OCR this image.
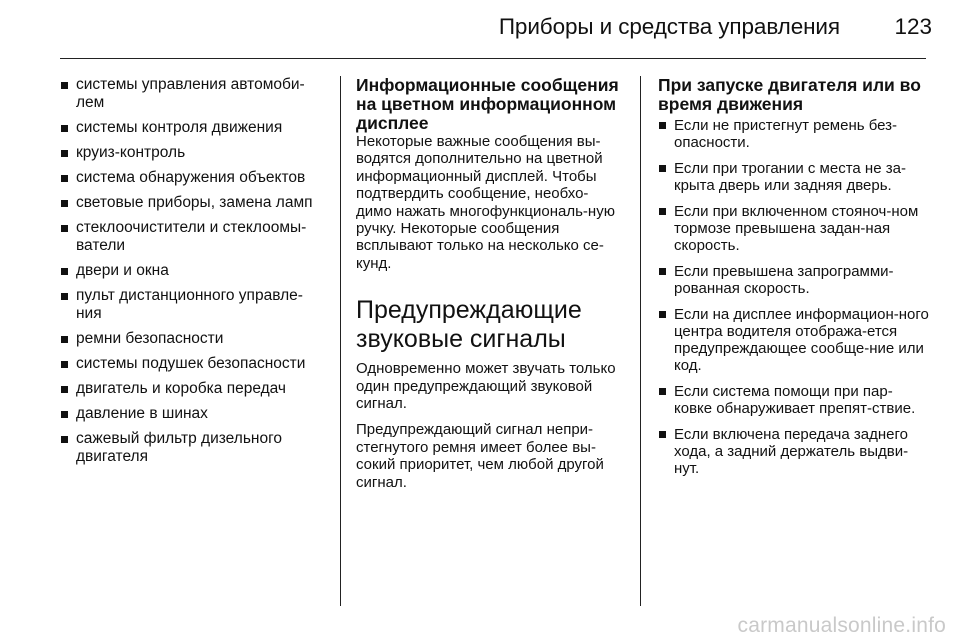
Приборы и средства управления 123
системы управления автомоби-лем
системы контроля движения
круиз-контроль
система обнаружения объектов
световые приборы, замена ламп
стеклоочистители и стеклоомы-ватели
двери и окна
пульт дистанционного управле-ния
ремни безопасности
системы подушек безопасности
двигатель и коробка передач
давление в шинах
сажевый фильтр дизельного двигателя
Информационные сообщения на цветном информационном дисплее

Некоторые важные сообщения вы-водятся дополнительно на цветной информационный дисплей. Чтобы подтвердить сообщение, необхо-димо нажать многофункциональ-ную ручку. Некоторые сообщения всплывают только на несколько се-кунд.

Предупреждающие звуковые сигналы

Одновременно может звучать только один предупреждающий звуковой сигнал.

Предупреждающий сигнал непри-стегнутого ремня имеет более вы-сокий приоритет, чем любой другой сигнал.

При запуске двигателя или во время движения
Если не пристегнут ремень без-опасности.
Если при трогании с места не за-крыта дверь или задняя дверь.
Если при включенном стояноч-ном тормозе превышена задан-ная скорость.
Если превышена запрограмми-рованная скорость.
Если на дисплее информацион-ного центра водителя отобража-ется предупреждающее сообще-ние или код.
Если система помощи при пар-ковке обнаруживает препят-ствие.
Если включена передача заднего хода, а задний держатель выдви-нут.
carmanualsonline.info
